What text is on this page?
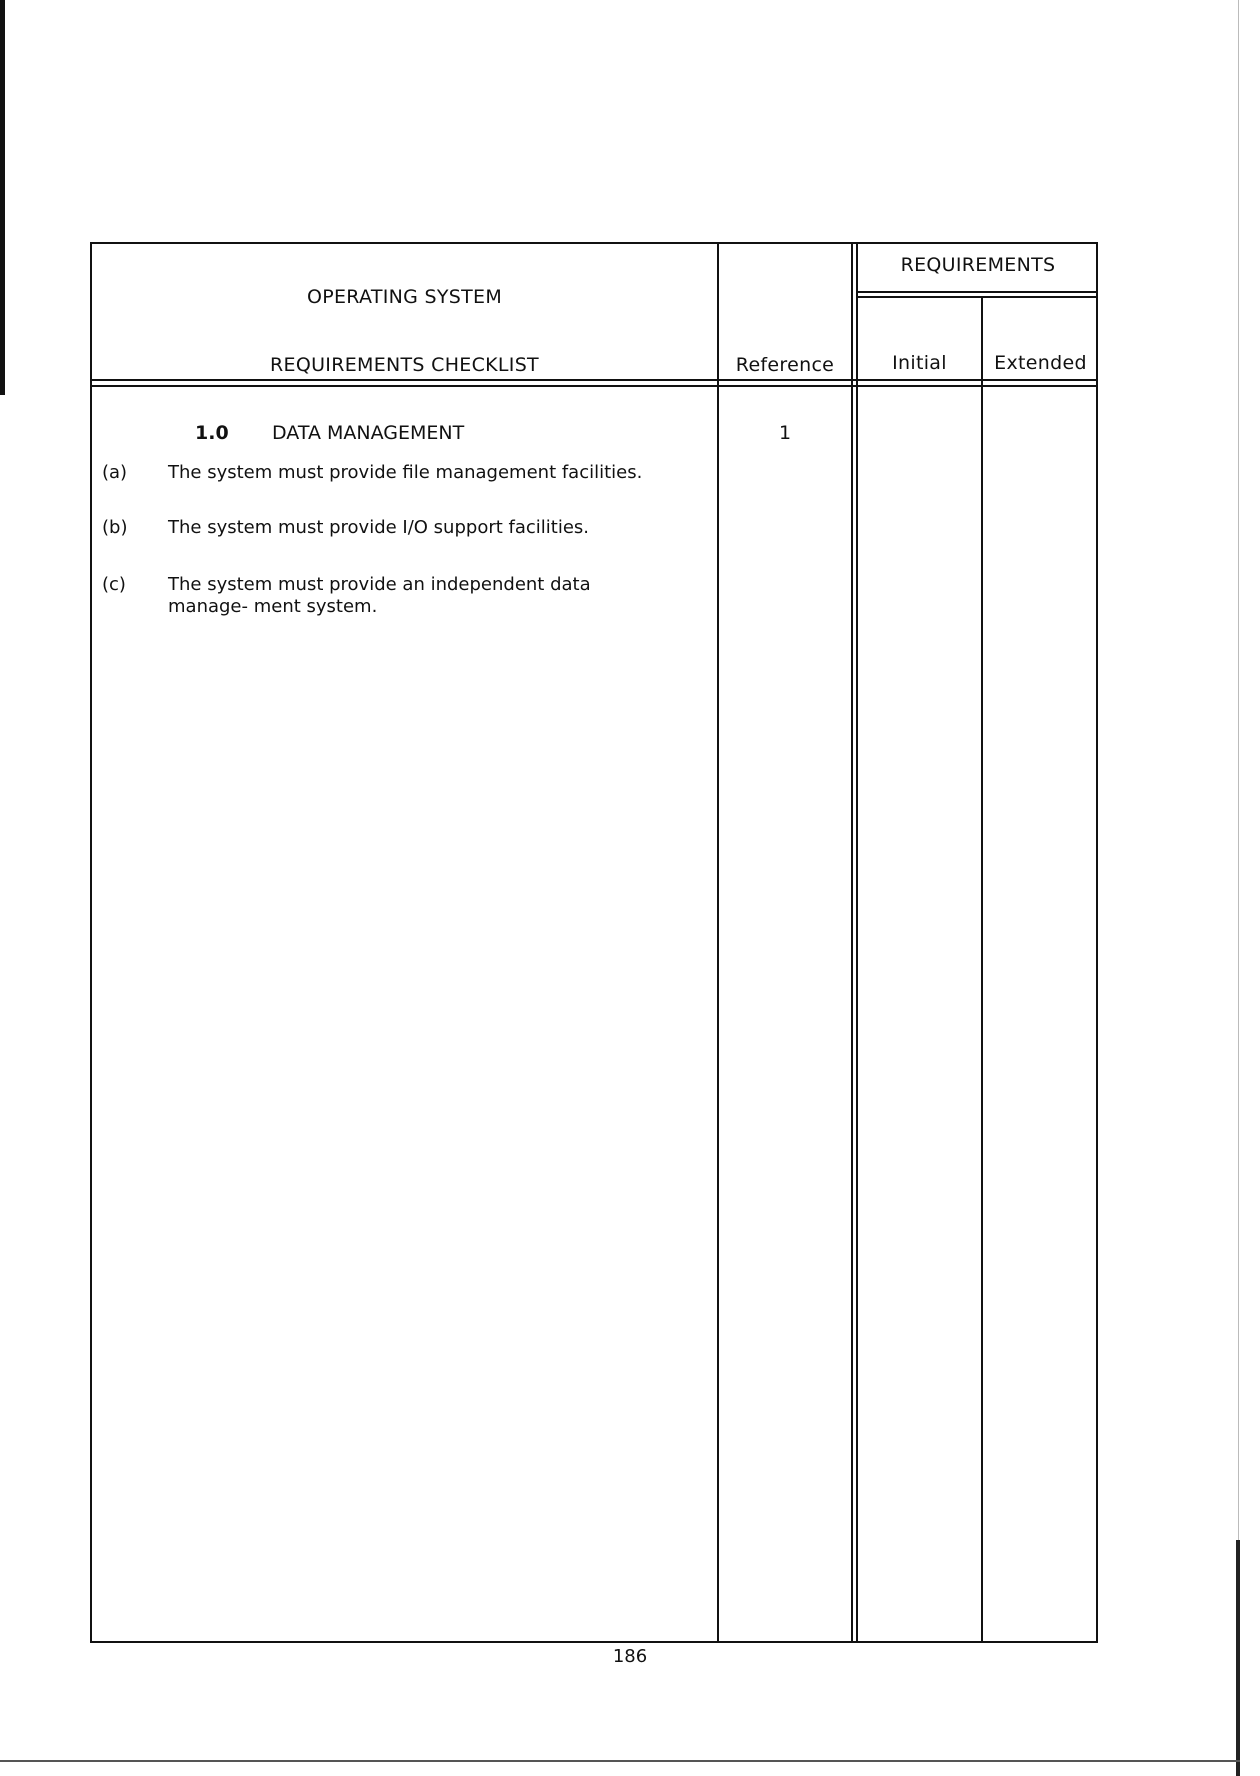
OPERATING SYSTEM
REQUIREMENTS CHECKLIST	Reference
REQUIREMENTS
Initial	Extended
1.0 DATA MANAGEMENT	1
(a) The system must provide file management facilities.
(b) The system must provide I/O support facilities.
(c) The system must provide an independent data manage- ment system.
186
